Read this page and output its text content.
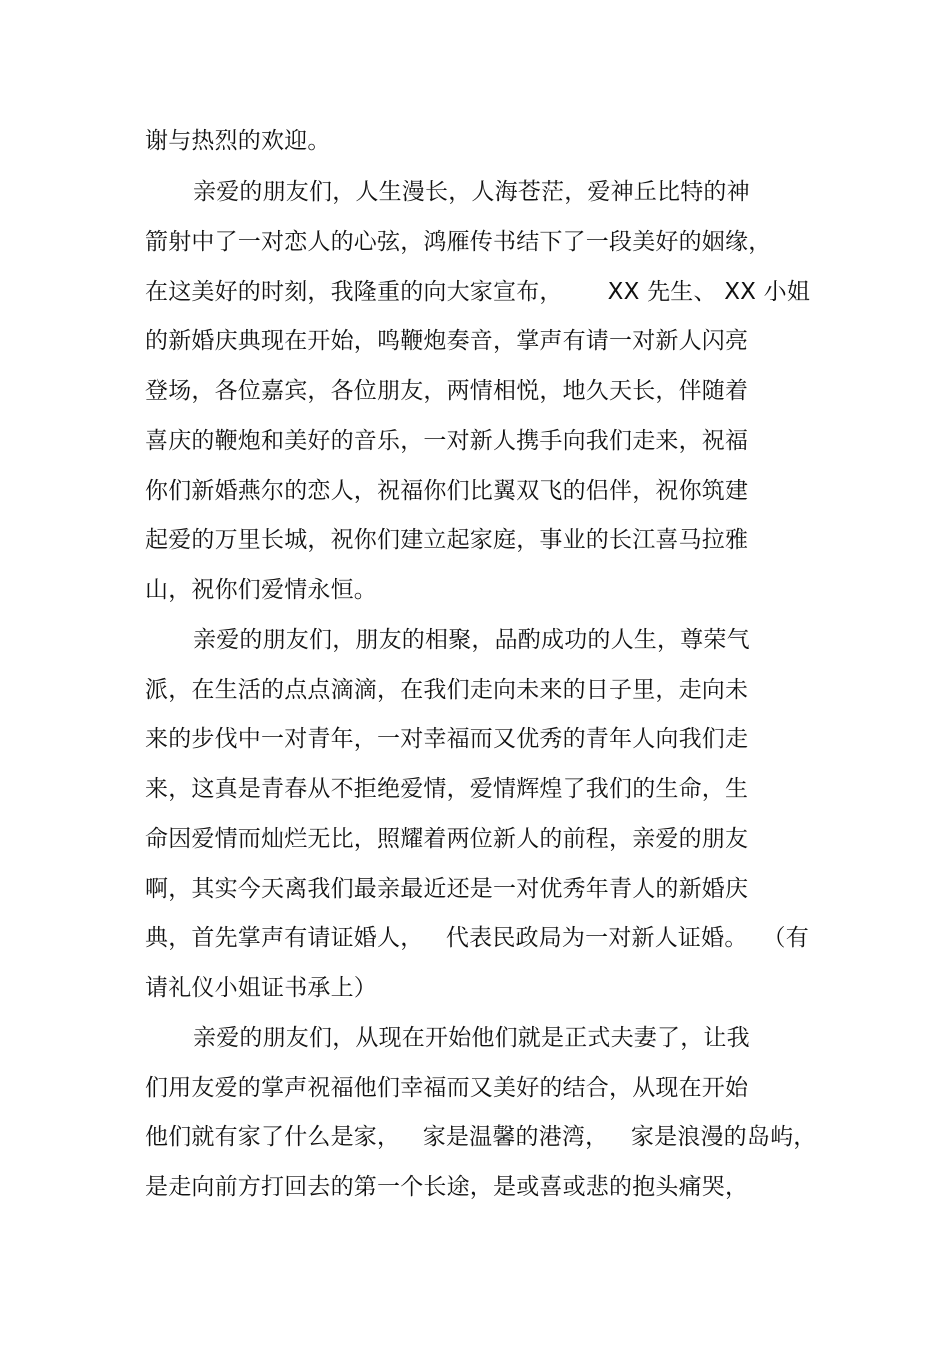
谢与热烈的欢迎。
亲爱的朋友们，人生漫长，人海苍茫，爱神丘比特的神
箭射中了一对恋人的心弦，鸿雁传书结下了一段美好的姻缘，
在这美好的时刻，我隆重的向大家宣布，      XX 先生、 XX 小姐
的新婚庆典现在开始，鸣鞭炮奏音，掌声有请一对新人闪亮
登场，各位嘉宾，各位朋友，两情相悦，地久天长，伴随着
喜庆的鞭炮和美好的音乐，一对新人携手向我们走来，祝福
你们新婚燕尔的恋人，祝福你们比翼双飞的侣伴，祝你筑建
起爱的万里长城，祝你们建立起家庭，事业的长江喜马拉雅
山，祝你们爱情永恒。
亲爱的朋友们，朋友的相聚，品酌成功的人生，尊荣气
派，在生活的点点滴滴，在我们走向未来的日子里，走向未
来的步伐中一对青年，一对幸福而又优秀的青年人向我们走
来，这真是青春从不拒绝爱情，爱情辉煌了我们的生命，生
命因爱情而灿烂无比，照耀着两位新人的前程，亲爱的朋友
啊，其实今天离我们最亲最近还是一对优秀年青人的新婚庆
典，首先掌声有请证婚人，   代表民政局为一对新人证婚。  （有
请礼仪小姐证书承上）
亲爱的朋友们，从现在开始他们就是正式夫妻了，让我
们用友爱的掌声祝福他们幸福而又美好的结合，从现在开始
他们就有家了什么是家，   家是温馨的港湾，   家是浪漫的岛屿，
是走向前方打回去的第一个长途，是或喜或悲的抱头痛哭，
